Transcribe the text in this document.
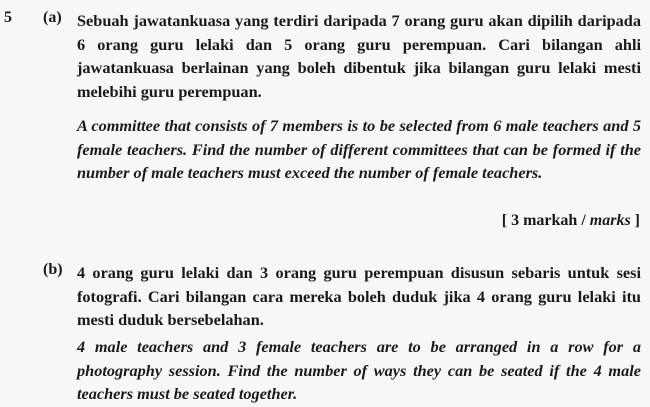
5 (a) Sebuah jawatankuasa yang terdiri daripada 7 orang guru akan dipilih daripada 6 orang guru lelaki dan 5 orang guru perempuan. Cari bilangan ahli jawatankuasa berlainan yang boleh dibentuk jika bilangan guru lelaki mesti melebihi guru perempuan.
A committee that consists of 7 members is to be selected from 6 male teachers and 5 female teachers. Find the number of different committees that can be formed if the number of male teachers must exceed the number of female teachers.
[ 3 markah / marks ]
(b) 4 orang guru lelaki dan 3 orang guru perempuan disusun sebaris untuk sesi fotografi. Cari bilangan cara mereka boleh duduk jika 4 orang guru lelaki itu mesti duduk bersebelahan.
4 male teachers and 3 female teachers are to be arranged in a row for a photography session. Find the number of ways they can be seated if the 4 male teachers must be seated together.
